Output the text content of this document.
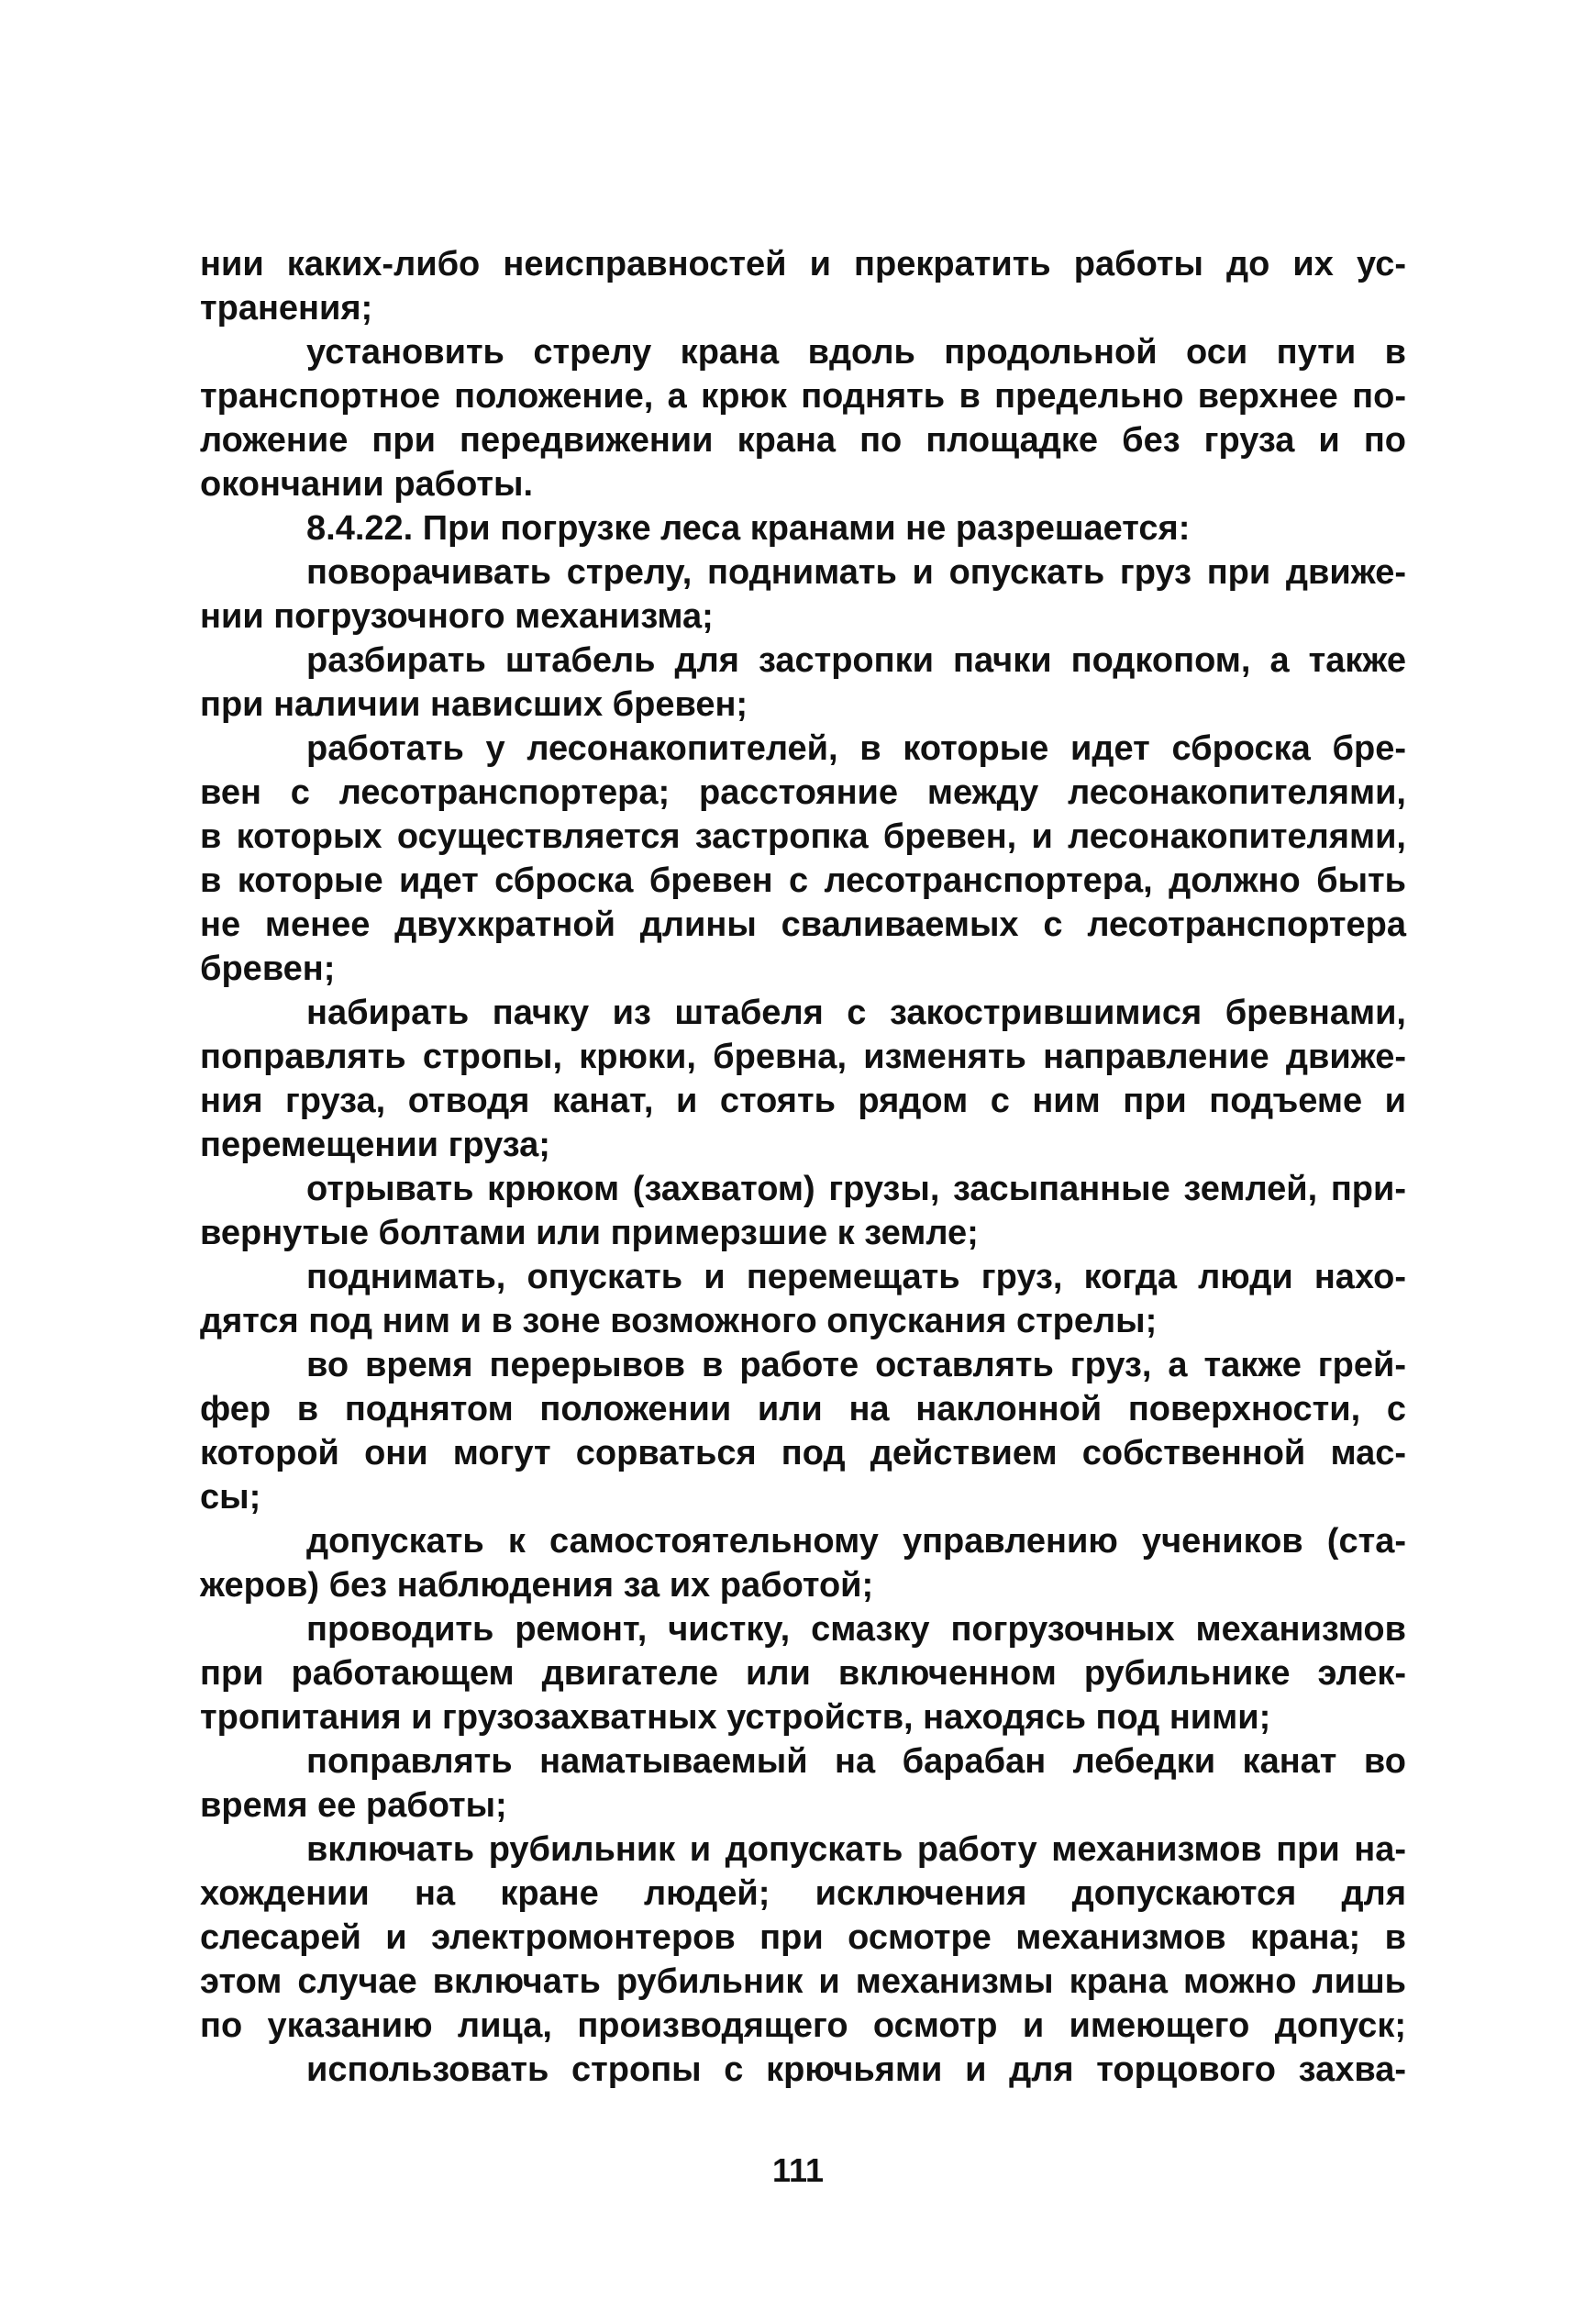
нии каких-либо неисправностей и прекратить работы до их ус-
транения;
установить стрелу крана вдоль продольной оси пути в
транспортное положение, а крюк поднять в предельно верхнее по-
ложение при передвижении крана по площадке без груза и по
окончании работы.
8.4.22. При погрузке леса кранами не разрешается:
поворачивать стрелу, поднимать и опускать груз при движе-
нии погрузочного механизма;
разбирать штабель для застропки пачки подкопом, а также
при наличии нависших бревен;
работать у лесонакопителей, в которые идет сброска бре-
вен с лесотранспортера; расстояние между лесонакопителями,
в которых осуществляется застропка бревен, и лесонакопителями,
в которые идет сброска бревен с лесотранспортера, должно быть
не менее двухкратной длины сваливаемых с лесотранспортера
бревен;
набирать пачку из штабеля с закострившимися бревнами,
поправлять стропы, крюки, бревна, изменять направление движе-
ния груза, отводя канат, и стоять рядом с ним при подъеме и
перемещении груза;
отрывать крюком (захватом) грузы, засыпанные землей, при-
вернутые болтами или примерзшие к земле;
поднимать, опускать и перемещать груз, когда люди нахо-
дятся под ним и в зоне возможного опускания стрелы;
во время перерывов в работе оставлять груз, а также грей-
фер в поднятом положении или на наклонной поверхности, с
которой они могут сорваться под действием собственной мас-
сы;
допускать к самостоятельному управлению учеников (ста-
жеров) без наблюдения за их работой;
проводить ремонт, чистку, смазку погрузочных механизмов
при работающем двигателе или включенном рубильнике элек-
тропитания и грузозахватных устройств, находясь под ними;
поправлять наматываемый на барабан лебедки канат во
время ее работы;
включать рубильник и допускать работу механизмов при на-
хождении на кране людей; исключения допускаются для
слесарей и электромонтеров при осмотре механизмов крана; в
этом случае включать рубильник и механизмы крана можно лишь
по указанию лица, производящего осмотр и имеющего допуск;
использовать стропы с крючьями и для торцового захва-
111
